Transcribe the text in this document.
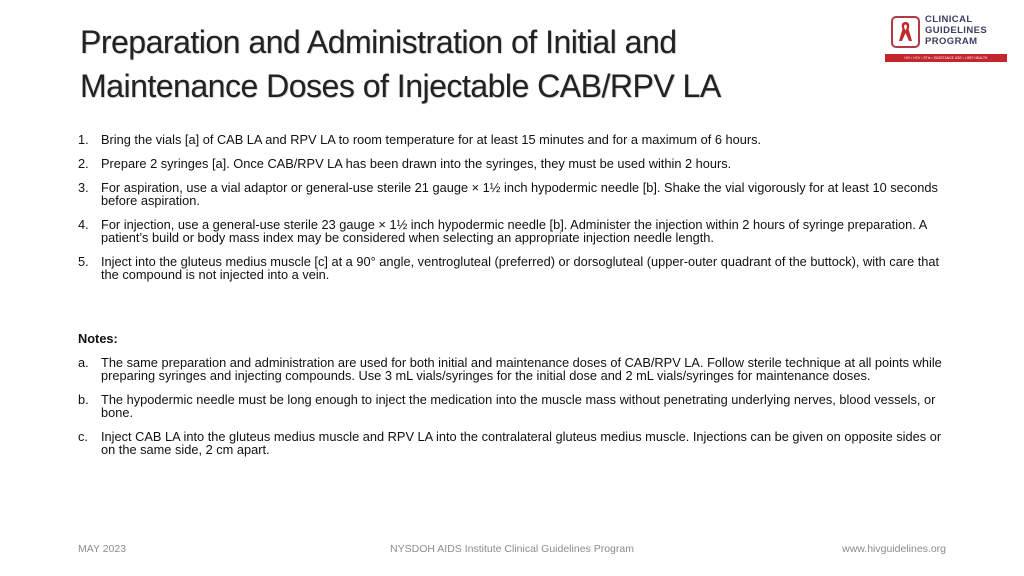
Preparation and Administration of Initial and
Maintenance Doses of Injectable CAB/RPV LA
CLINICAL
GUIDELINES
PROGRAM
HIV • HCV • STIs • SUBSTANCE USE • LGBT HEALTH
1. Bring the vials [a] of CAB LA and RPV LA to room temperature for at least 15 minutes and for a maximum of 6 hours.
2. Prepare 2 syringes [a]. Once CAB/RPV LA has been drawn into the syringes, they must be used within 2 hours.
3. For aspiration, use a vial adaptor or general-use sterile 21 gauge × 1½ inch hypodermic needle [b]. Shake the vial vigorously for at least 10 seconds before aspiration.
4. For injection, use a general-use sterile 23 gauge × 1½ inch hypodermic needle [b]. Administer the injection within 2 hours of syringe preparation. A patient’s build or body mass index may be considered when selecting an appropriate injection needle length.
5. Inject into the gluteus medius muscle [c] at a 90° angle, ventrogluteal (preferred) or dorsogluteal (upper-outer quadrant of the buttock), with care that the compound is not injected into a vein.

Notes:

a. The same preparation and administration are used for both initial and maintenance doses of CAB/RPV LA. Follow sterile technique at all points while preparing syringes and injecting compounds. Use 3 mL vials/syringes for the initial dose and 2 mL vials/syringes for maintenance doses.
b. The hypodermic needle must be long enough to inject the medication into the muscle mass without penetrating underlying nerves, blood vessels, or bone.
c. Inject CAB LA into the gluteus medius muscle and RPV LA into the contralateral gluteus medius muscle. Injections can be given on opposite sides or on the same side, 2 cm apart.
MAY 2023	NYSDOH AIDS Institute Clinical Guidelines Program	www.hivguidelines.org
